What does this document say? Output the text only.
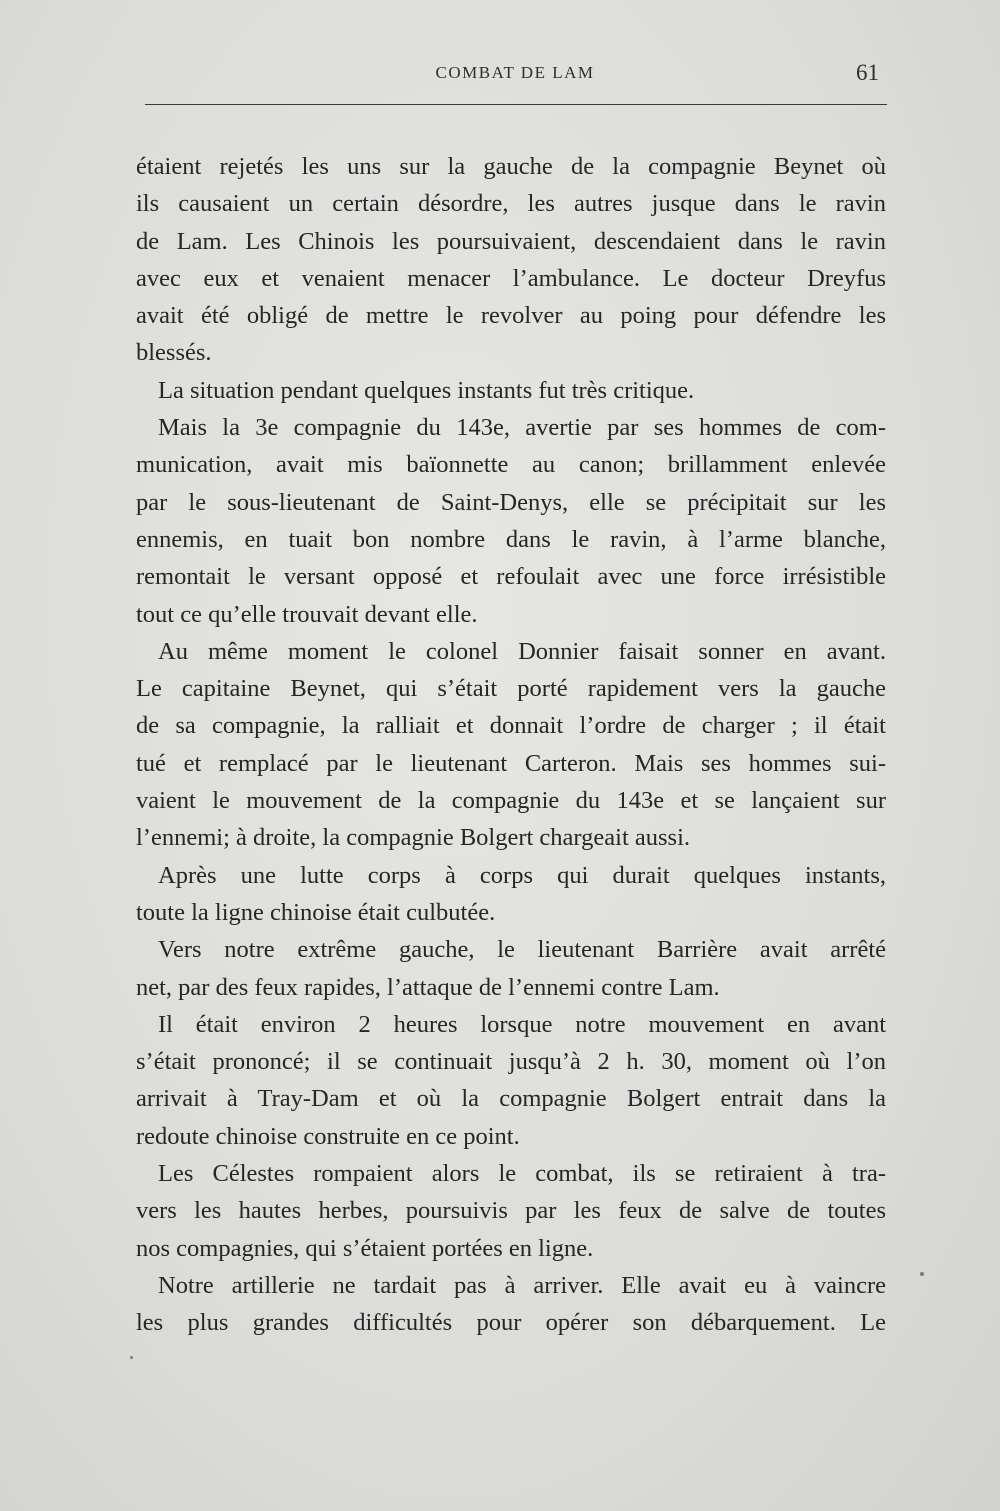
COMBAT DE LAM	61
étaient rejetés les uns sur la gauche de la compagnie Beynet où
ils causaient un certain désordre, les autres jusque dans le ravin
de Lam. Les Chinois les poursuivaient, descendaient dans le ravin
avec eux et venaient menacer l’ambulance. Le docteur Dreyfus
avait été obligé de mettre le revolver au poing pour défendre les
blessés.
La situation pendant quelques instants fut très critique.
Mais la 3e compagnie du 143e, avertie par ses hommes de com-
munication, avait mis baïonnette au canon; brillamment enlevée
par le sous-lieutenant de Saint-Denys, elle se précipitait sur les
ennemis, en tuait bon nombre dans le ravin, à l’arme blanche,
remontait le versant opposé et refoulait avec une force irrésistible
tout ce qu’elle trouvait devant elle.
Au même moment le colonel Donnier faisait sonner en avant.
Le capitaine Beynet, qui s’était porté rapidement vers la gauche
de sa compagnie, la ralliait et donnait l’ordre de charger ; il était
tué et remplacé par le lieutenant Carteron. Mais ses hommes sui-
vaient le mouvement de la compagnie du 143e et se lançaient sur
l’ennemi; à droite, la compagnie Bolgert chargeait aussi.
Après une lutte corps à corps qui durait quelques instants,
toute la ligne chinoise était culbutée.
Vers notre extrême gauche, le lieutenant Barrière avait arrêté
net, par des feux rapides, l’attaque de l’ennemi contre Lam.
Il était environ 2 heures lorsque notre mouvement en avant
s’était prononcé; il se continuait jusqu’à 2 h. 30, moment où l’on
arrivait à Tray-Dam et où la compagnie Bolgert entrait dans la
redoute chinoise construite en ce point.
Les Célestes rompaient alors le combat, ils se retiraient à tra-
vers les hautes herbes, poursuivis par les feux de salve de toutes
nos compagnies, qui s’étaient portées en ligne.
Notre artillerie ne tardait pas à arriver. Elle avait eu à vaincre
les plus grandes difficultés pour opérer son débarquement. Le
